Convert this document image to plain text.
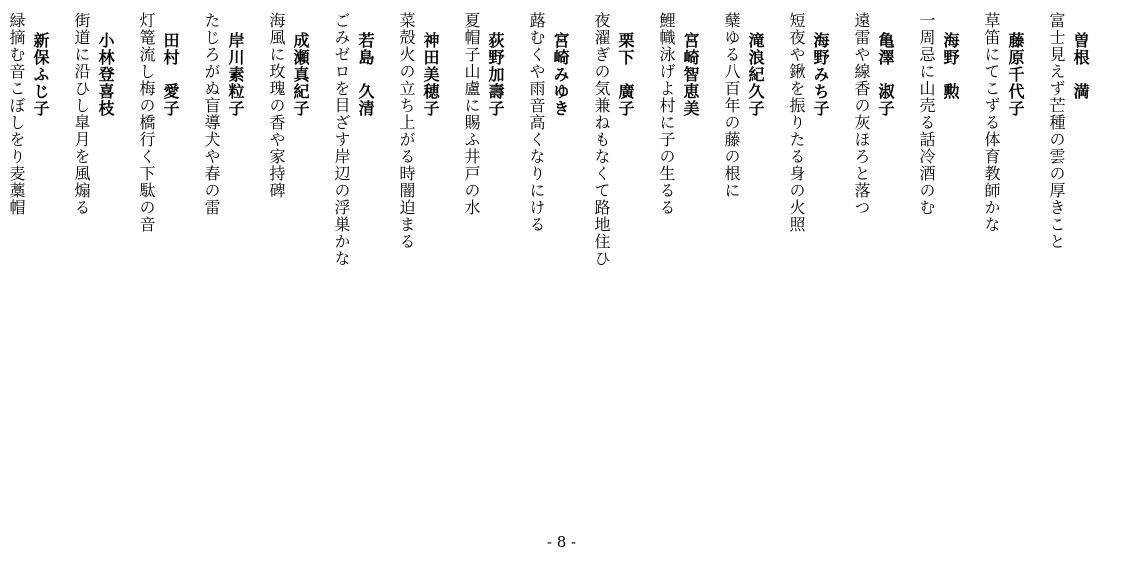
曽根　満
富士見えず芒種の雲の厚きこと
藤原千代子
草笛にてこずる体育教師かな
海野　勲
一周忌に山売る話冷酒のむ
亀澤　淑子
遠雷や線香の灰ほろと落つ
海野みち子
短夜や鍬を振りたる身の火照
滝浪紀久子
蘖ゆる八百年の藤の根に
宮崎智恵美
鯉幟泳げよ村に子の生るる
栗下　廣子
夜濯ぎの気兼ねもなくて路地住ひ
宮崎みゆき
蕗むくや雨音高くなりにける
荻野加壽子
夏帽子山盧に賜ふ井戸の水
神田美穂子
菜殻火の立ち上がる時闇迫まる
若島　久清
ごみゼロを目ざす岸辺の浮巣かな
成瀬真紀子
海風に玫瑰の香や家持碑
岸川素粒子
たじろがぬ盲導犬や春の雷
田村　愛子
灯篭流し梅の橋行く下駄の音
小林登喜枝
街道に沿ひし皐月を風煽る
新保ふじ子
緑摘む音こぼしをり麦藁帽
- 8 -
